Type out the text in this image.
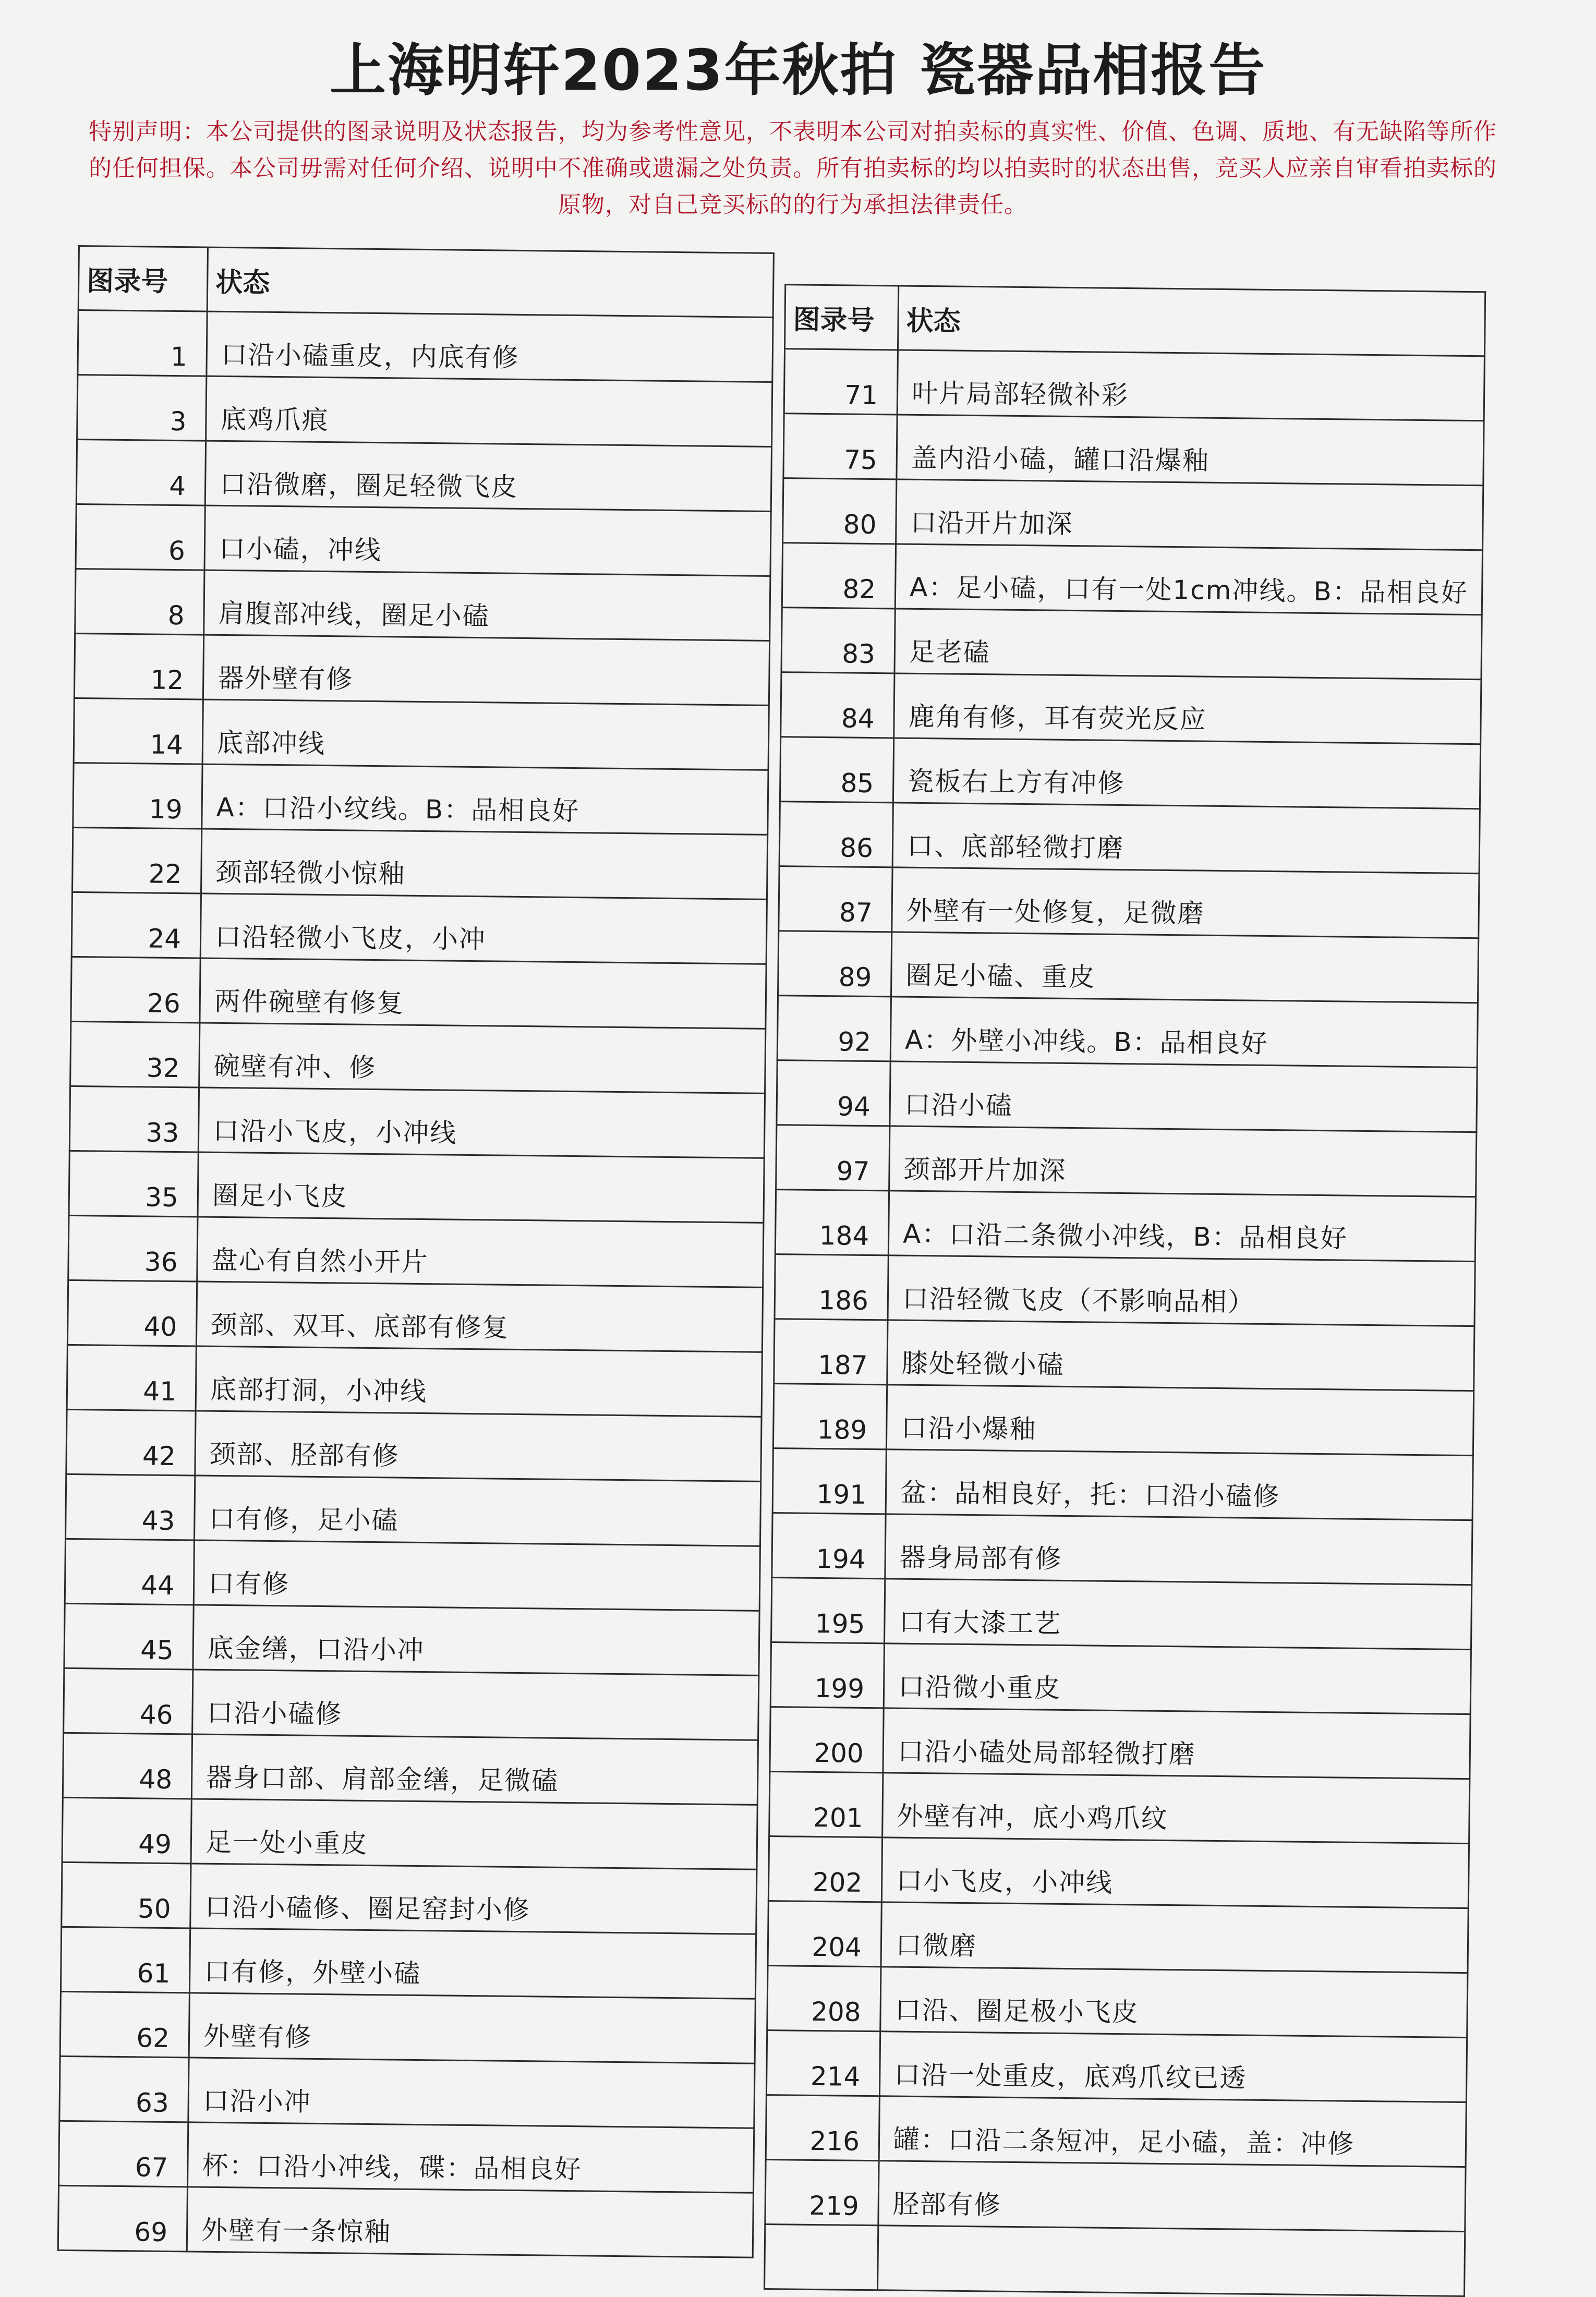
上海明轩2023年秋拍 瓷器品相报告
特别声明：本公司提供的图录说明及状态报告，均为参考性意见，不表明本公司对拍卖标的真实性、价值、色调、质地、有无缺陷等所作的任何担保。本公司毋需对任何介绍、说明中不准确或遗漏之处负责。所有拍卖标的均以拍卖时的状态出售，竞买人应亲自审看拍卖标的原物，对自己竞买标的的行为承担法律责任。
图录号	状态
1	口沿小磕重皮，内底有修
3	底鸡爪痕
4	口沿微磨，圈足轻微飞皮
6	口小磕，冲线
8	肩腹部冲线，圈足小磕
12	器外壁有修
14	底部冲线
19	A：口沿小纹线。B：品相良好
22	颈部轻微小惊釉
24	口沿轻微小飞皮，小冲
26	两件碗壁有修复
32	碗壁有冲、修
33	口沿小飞皮，小冲线
35	圈足小飞皮
36	盘心有自然小开片
40	颈部、双耳、底部有修复
41	底部打洞，小冲线
42	颈部、胫部有修
43	口有修，足小磕
44	口有修
45	底金缮，口沿小冲
46	口沿小磕修
48	器身口部、肩部金缮，足微磕
49	足一处小重皮
50	口沿小磕修、圈足窑封小修
61	口有修，外壁小磕
62	外壁有修
63	口沿小冲
67	杯：口沿小冲线，碟：品相良好
69	外壁有一条惊釉
图录号	状态
71	叶片局部轻微补彩
75	盖内沿小磕，罐口沿爆釉
80	口沿开片加深
82	A：足小磕，口有一处1cm冲线。B：品相良好
83	足老磕
84	鹿角有修，耳有荧光反应
85	瓷板右上方有冲修
86	口、底部轻微打磨
87	外壁有一处修复，足微磨
89	圈足小磕、重皮
92	A：外壁小冲线。B：品相良好
94	口沿小磕
97	颈部开片加深
184	A：口沿二条微小冲线，B：品相良好
186	口沿轻微飞皮（不影响品相）
187	膝处轻微小磕
189	口沿小爆釉
191	盆：品相良好，托：口沿小磕修
194	器身局部有修
195	口有大漆工艺
199	口沿微小重皮
200	口沿小磕处局部轻微打磨
201	外壁有冲，底小鸡爪纹
202	口小飞皮，小冲线
204	口微磨
208	口沿、圈足极小飞皮
214	口沿一处重皮，底鸡爪纹已透
216	罐：口沿二条短冲，足小磕，盖：冲修
219	胫部有修
